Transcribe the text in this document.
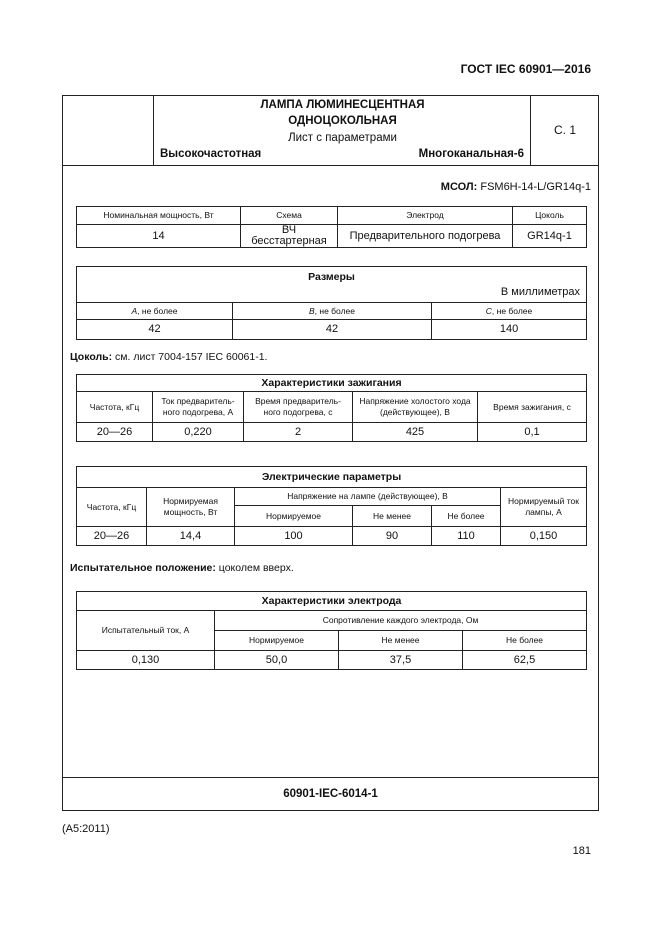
ГОСТ IEC 60901—2016
ЛАМПА ЛЮМИНЕСЦЕНТНАЯ
ОДНОЦОКОЛЬНАЯ
Лист с параметрами
Высокочастотная	Многоканальная-6
С. 1
МСОЛ: FSM6H-14-L/GR14q-1
Номинальная мощность, Вт	Схема	Электрод	Цоколь
14	ВЧ бесстартерная	Предварительного подогрева	GR14q-1
Размеры
В миллиметрах		

A, не более	B, не более	C, не более
42	42	140
Цоколь: см. лист 7004-157 IEC 60061-1.
Характеристики зажигания				
Частота, кГц	Ток предваритель- ного подогрева, А	Время предваритель- ного подогрева, с	Напряжение холостого хода (действующее), В	Время зажигания, с
20—26	0,220	2	425	0,1
Электрические параметры					
Частота, кГц	Нормируемая мощность, Вт	Напряжение на лампе (действующее), В			Нормируемый ток лампы, А
		Нормируемое	Не менее	Не более	
20—26	14,4	100	90	110	0,150
Испытательное положение: цоколем вверх.
Характеристики электрода			
Испытательный ток, А	Сопротивление каждого электрода, Ом		
	Нормируемое	Не менее	Не более
0,130	50,0	37,5	62,5
60901-IEC-6014-1
(A5:2011)
181
